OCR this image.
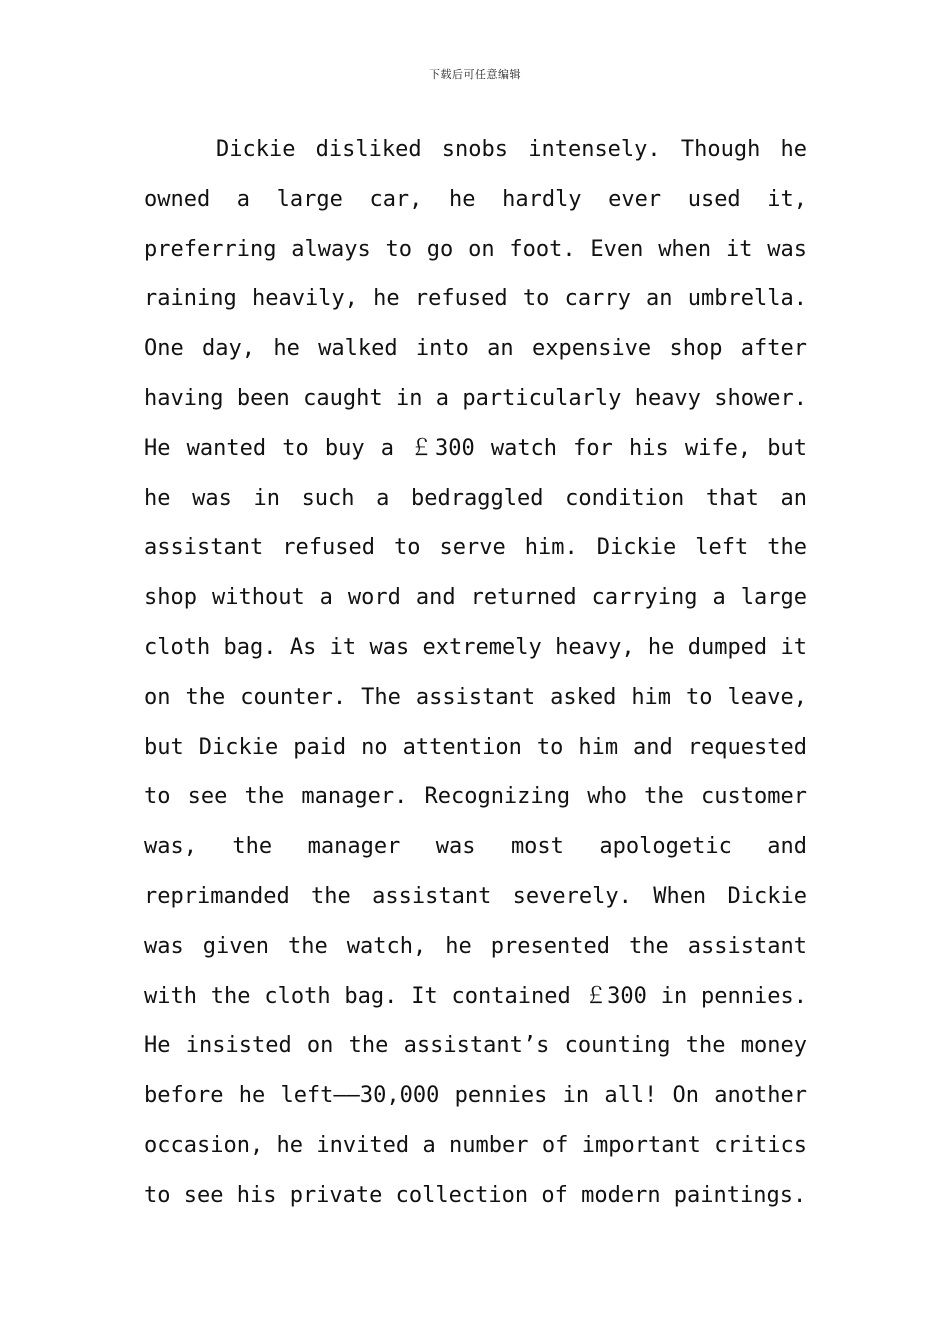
下载后可任意编辑

Dickie disliked snobs intensely. Though he owned a large car, he hardly ever used it, preferring always to go on foot. Even when it was raining heavily, he refused to carry an umbrella. One day, he walked into an expensive shop after having been caught in a particularly heavy shower. He wanted to buy a ￡300 watch for his wife, but he was in such a bedraggled condition that an assistant refused to serve him. Dickie left the shop without a word and returned carrying a large cloth bag. As it was extremely heavy, he dumped it on the counter. The assistant asked him to leave, but Dickie paid no attention to him and requested to see the manager. Recognizing who the customer was, the manager was most apologetic and reprimanded the assistant severely. When Dickie was given the watch, he presented the assistant with the cloth bag. It contained ￡300 in pennies. He insisted on the assistant’s counting the money before he left——30,000 pennies in all! On another occasion, he invited a number of important critics to see his private collection of modern paintings.
